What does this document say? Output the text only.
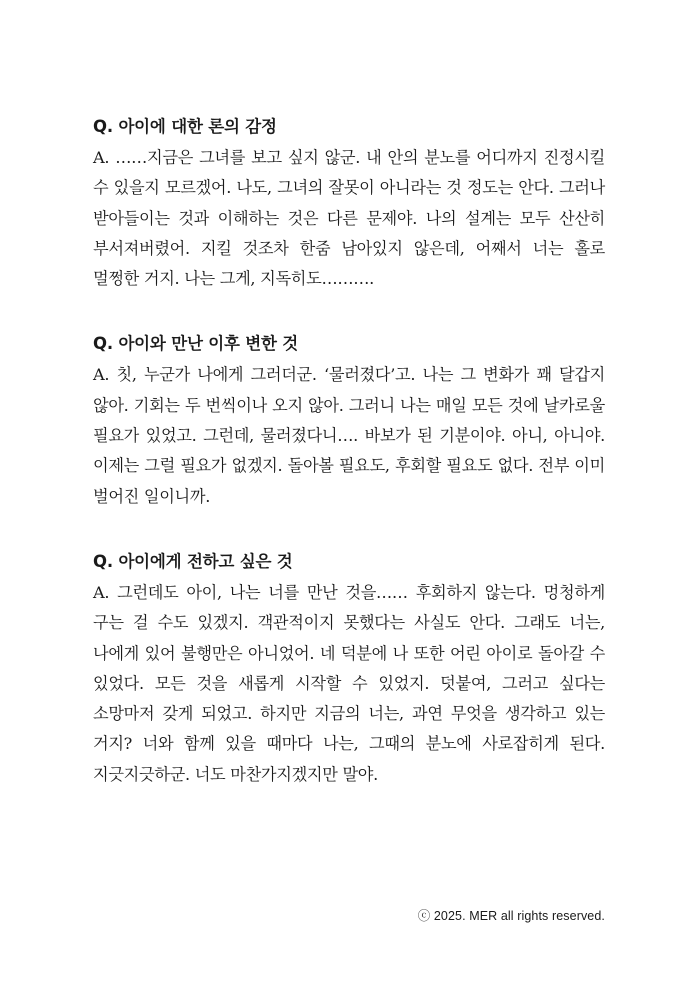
Q. 아이에 대한 론의 감정

A. ……지금은 그녀를 보고 싶지 않군. 내 안의 분노를 어디까지 진정시킬 수 있을지 모르겠어. 나도, 그녀의 잘못이 아니라는 것 정도는 안다. 그러나 받아들이는 것과 이해하는 것은 다른 문제야. 나의 설계는 모두 산산히 부서져버렸어. 지킬 것조차 한줌 남아있지 않은데, 어째서 너는 홀로 멀쩡한 거지. 나는 그게, 지독히도……….

Q. 아이와 만난 이후 변한 것

A. 칫, 누군가 나에게 그러더군. ‘물러졌다’고. 나는 그 변화가 꽤 달갑지 않아. 기회는 두 번씩이나 오지 않아. 그러니 나는 매일 모든 것에 날카로울 필요가 있었고. 그런데, 물러졌다니…. 바보가 된 기분이야. 아니, 아니야. 이제는 그럴 필요가 없겠지. 돌아볼 필요도, 후회할 필요도 없다. 전부 이미 벌어진 일이니까.

Q. 아이에게 전하고 싶은 것

A. 그런데도 아이, 나는 너를 만난 것을…… 후회하지 않는다. 멍청하게 구는 걸 수도 있겠지. 객관적이지 못했다는 사실도 안다. 그래도 너는, 나에게 있어 불행만은 아니었어. 네 덕분에 나 또한 어린 아이로 돌아갈 수 있었다. 모든 것을 새롭게 시작할 수 있었지. 덧붙여, 그러고 싶다는 소망마저 갖게 되었고. 하지만 지금의 너는, 과연 무엇을 생각하고 있는 거지? 너와 함께 있을 때마다 나는, 그때의 분노에 사로잡히게 된다. 지긋지긋하군. 너도 마찬가지겠지만 말야.

ⓒ 2025. MER all rights reserved.
